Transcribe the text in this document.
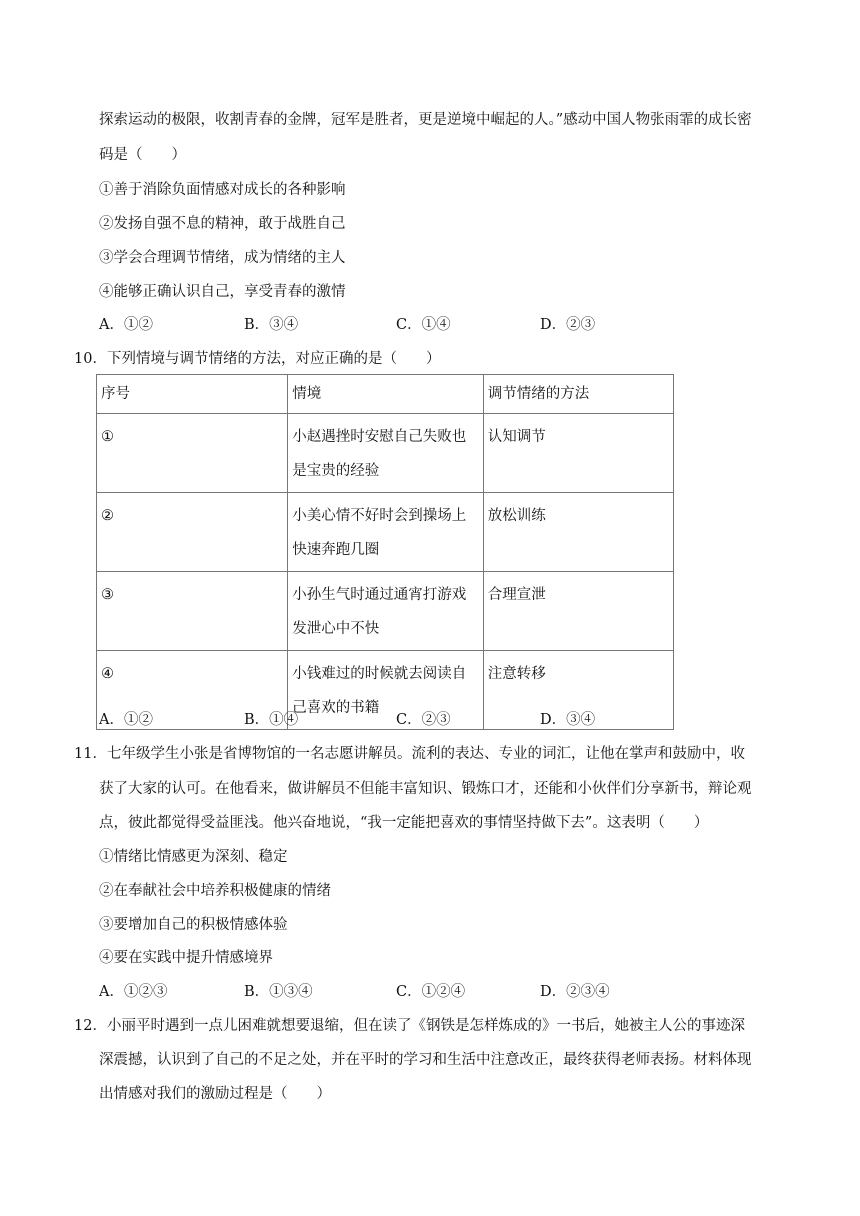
探索运动的极限，收割青春的金牌，冠军是胜者，更是逆境中崛起的人。”感动中国人物张雨霏的成长密
码是（　　）
①善于消除负面情感对成长的各种影响
②发扬自强不息的精神，敢于战胜自己
③学会合理调节情绪，成为情绪的主人
④能够正确认识自己，享受青春的激情
A．①②	B．③④	C．①④	D．②③
10．下列情境与调节情绪的方法，对应正确的是（　　）
序号	情境	调节情绪的方法
①	小赵遇挫时安慰自己失败也是宝贵的经验	认知调节
②	小美心情不好时会到操场上快速奔跑几圈	放松训练
③	小孙生气时通过通宵打游戏发泄心中不快	合理宣泄
④	小钱难过的时候就去阅读自己喜欢的书籍	注意转移
A．①②	B．①④	C．②③	D．③④
11．七年级学生小张是省博物馆的一名志愿讲解员。流利的表达、专业的词汇，让他在掌声和鼓励中，收
获了大家的认可。在他看来，做讲解员不但能丰富知识、锻炼口才，还能和小伙伴们分享新书，辩论观
点，彼此都觉得受益匪浅。他兴奋地说，“我一定能把喜欢的事情坚持做下去”。这表明（　　）
①情绪比情感更为深刻、稳定
②在奉献社会中培养积极健康的情绪
③要增加自己的积极情感体验
④要在实践中提升情感境界
A．①②③	B．①③④	C．①②④	D．②③④
12．小丽平时遇到一点儿困难就想要退缩，但在读了《钢铁是怎样炼成的》一书后，她被主人公的事迹深
深震撼，认识到了自己的不足之处，并在平时的学习和生活中注意改正，最终获得老师表扬。材料体现
出情感对我们的激励过程是（　　）
